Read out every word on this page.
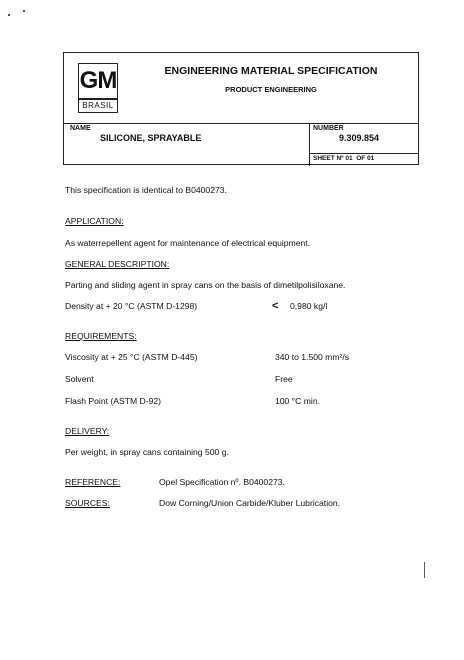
GM
BRASIL
ENGINEERING MATERIAL SPECIFICATION
PRODUCT ENGINEERING
NAME
SILICONE, SPRAYABLE
NUMBER
9.309.854
SHEET Nº 01 OF 01
This specification is identical to B0400273.
APPLICATION:
As waterrepellent agent for maintenance of electrical equipment.
GENERAL DESCRIPTION:
Parting and sliding agent in spray cans on the basis of dimetilpolisiloxane.
Density at + 20 °C (ASTM D-1298)	< 0,980 kg/l
REQUIREMENTS:
Viscosity at + 25 °C (ASTM D-445)	340 to 1.500 mm²/s
Solvent	Free
Flash Point (ASTM D-92)	100 °C min.
DELIVERY:
Per weight, in spray cans containing 500 g.
REFERENCE:	Opel Specification nº. B0400273.
SOURCES:	Dow Corning/Union Carbide/Kluber Lubrication.
